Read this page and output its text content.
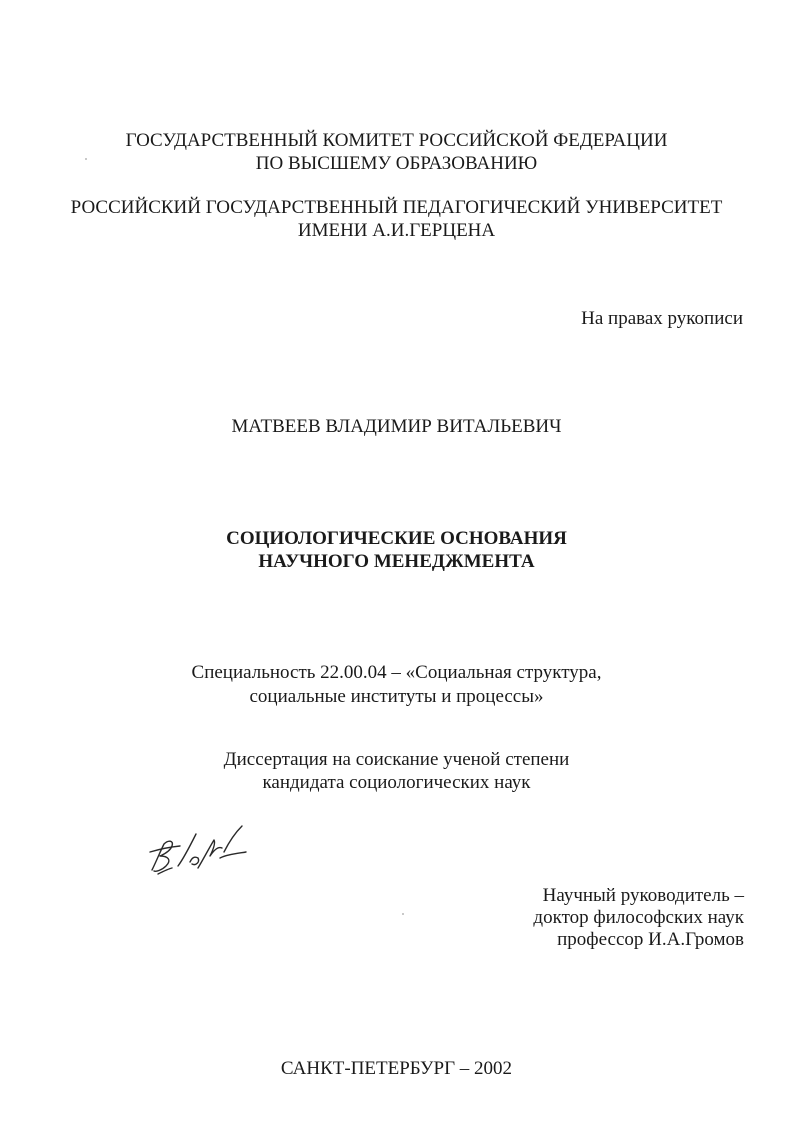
ГОСУДАРСТВЕННЫЙ КОМИТЕТ РОССИЙСКОЙ ФЕДЕРАЦИИ
ПО ВЫСШЕМУ ОБРАЗОВАНИЮ
РОССИЙСКИЙ ГОСУДАРСТВЕННЫЙ ПЕДАГОГИЧЕСКИЙ УНИВЕРСИТЕТ
ИМЕНИ А.И.ГЕРЦЕНА
На правах рукописи
МАТВЕЕВ ВЛАДИМИР ВИТАЛЬЕВИЧ
СОЦИОЛОГИЧЕСКИЕ ОСНОВАНИЯ
НАУЧНОГО МЕНЕДЖМЕНТА
Специальность 22.00.04 – «Социальная структура,
социальные институты и процессы»
Диссертация на соискание ученой степени
кандидата социологических наук
Научный руководитель –
доктор философских наук
профессор И.А.Громов
САНКТ-ПЕТЕРБУРГ – 2002
